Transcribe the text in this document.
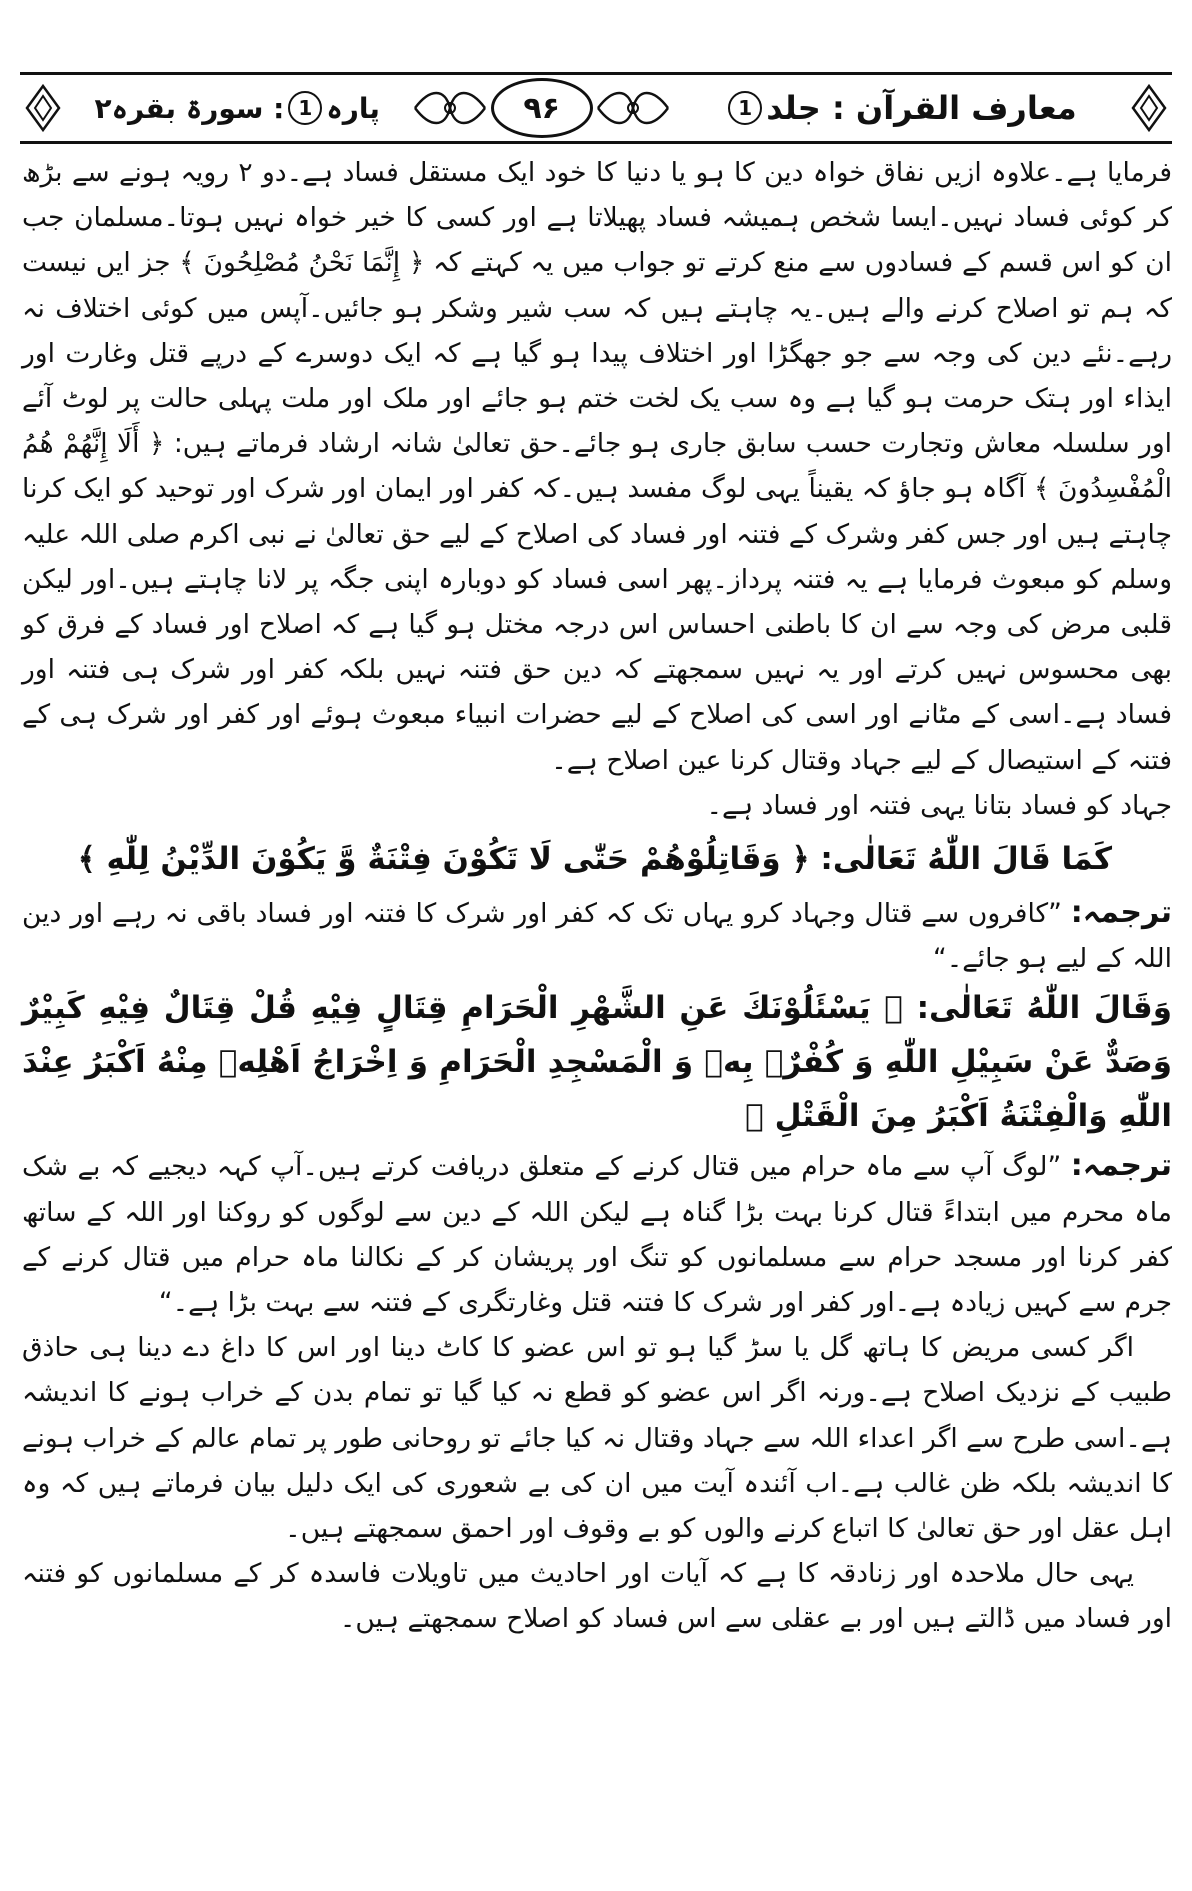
معارف القرآن : جلد
1
۹۶
پارہ
1
: سورۃ بقرہ۲

فرمایا ہے۔علاوہ ازیں نفاق خواہ دین کا ہو یا دنیا کا خود ایک مستقل فساد ہے۔دو ۲ رویہ ہونے سے بڑھ کر کوئی فساد نہیں۔ایسا شخص ہمیشہ فساد پھیلاتا ہے اور کسی کا خیر خواہ نہیں ہوتا۔مسلمان جب ان کو اس قسم کے فسادوں سے منع کرتے تو جواب میں یہ کہتے کہ ﴿ إِنَّمَا نَحْنُ مُصْلِحُونَ ﴾ جز ایں نیست کہ ہم تو اصلاح کرنے والے ہیں۔یہ چاہتے ہیں کہ سب شیر وشکر ہو جائیں۔آپس میں کوئی اختلاف نہ رہے۔نئے دین کی وجہ سے جو جھگڑا اور اختلاف پیدا ہو گیا ہے کہ ایک دوسرے کے درپے قتل وغارت اور ایذاء اور ہتک حرمت ہو گیا ہے وہ سب یک لخت ختم ہو جائے اور ملک اور ملت پہلی حالت پر لوٹ آئے اور سلسلہ معاش وتجارت حسب سابق جاری ہو جائے۔حق تعالیٰ شانہ ارشاد فرماتے ہیں: ﴿ أَلَا إِنَّهُمْ هُمُ الْمُفْسِدُونَ ﴾ آگاہ ہو جاؤ کہ یقیناً یہی لوگ مفسد ہیں۔کہ کفر اور ایمان اور شرک اور توحید کو ایک کرنا چاہتے ہیں اور جس کفر وشرک کے فتنہ اور فساد کی اصلاح کے لیے حق تعالیٰ نے نبی اکرم صلی اللہ علیہ وسلم کو مبعوث فرمایا ہے یہ فتنہ پرداز۔پھر اسی فساد کو دوبارہ اپنی جگہ پر لانا چاہتے ہیں۔اور لیکن قلبی مرض کی وجہ سے ان کا باطنی احساس اس درجہ مختل ہو گیا ہے کہ اصلاح اور فساد کے فرق کو بھی محسوس نہیں کرتے اور یہ نہیں سمجھتے کہ دین حق فتنہ نہیں بلکہ کفر اور شرک ہی فتنہ اور فساد ہے۔اسی کے مٹانے اور اسی کی اصلاح کے لیے حضرات انبیاء مبعوث ہوئے اور کفر اور شرک ہی کے فتنہ کے استیصال کے لیے جہاد وقتال کرنا عین اصلاح ہے۔

جہاد کو فساد بتانا یہی فتنہ اور فساد ہے۔

كَمَا قَالَ اللّٰهُ تَعَالٰى: ﴿ وَقَاتِلُوْهُمْ حَتّٰى لَا تَكُوْنَ فِتْنَةٌ وَّ يَكُوْنَ الدِّيْنُ لِلّٰهِ ﴾

ترجمہ: ”کافروں سے قتال وجہاد کرو یہاں تک کہ کفر اور شرک کا فتنہ اور فساد باقی نہ رہے اور دین اللہ کے لیے ہو جائے۔“

وَقَالَ اللّٰهُ تَعَالٰى: ﴿ يَسْئَلُوْنَكَ عَنِ الشَّهْرِ الْحَرَامِ قِتَالٍ فِيْهِ قُلْ قِتَالٌ فِيْهِ كَبِيْرٌ وَصَدٌّ عَنْ سَبِيْلِ اللّٰهِ وَ كُفْرٌۢ بِهٖ وَ الْمَسْجِدِ الْحَرَامِ وَ اِخْرَاجُ اَهْلِهٖ مِنْهُ اَكْبَرُ عِنْدَ اللّٰهِ وَالْفِتْنَةُ اَكْبَرُ مِنَ الْقَتْلِ ﴾

ترجمہ: ”لوگ آپ سے ماہ حرام میں قتال کرنے کے متعلق دریافت کرتے ہیں۔آپ کہہ دیجیے کہ بے شک ماہ محرم میں ابتداءً قتال کرنا بہت بڑا گناہ ہے لیکن اللہ کے دین سے لوگوں کو روکنا اور اللہ کے ساتھ کفر کرنا اور مسجد حرام سے مسلمانوں کو تنگ اور پریشان کر کے نکالنا ماہ حرام میں قتال کرنے کے جرم سے کہیں زیادہ ہے۔اور کفر اور شرک کا فتنہ قتل وغارتگری کے فتنہ سے بہت بڑا ہے۔“

اگر کسی مریض کا ہاتھ گل یا سڑ گیا ہو تو اس عضو کا کاٹ دینا اور اس کا داغ دے دینا ہی حاذق طبیب کے نزدیک اصلاح ہے۔ورنہ اگر اس عضو کو قطع نہ کیا گیا تو تمام بدن کے خراب ہونے کا اندیشہ ہے۔اسی طرح سے اگر اعداء اللہ سے جہاد وقتال نہ کیا جائے تو روحانی طور پر تمام عالم کے خراب ہونے کا اندیشہ بلکہ ظن غالب ہے۔اب آئندہ آیت میں ان کی بے شعوری کی ایک دلیل بیان فرماتے ہیں کہ وہ اہل عقل اور حق تعالیٰ کا اتباع کرنے والوں کو بے وقوف اور احمق سمجھتے ہیں۔

یہی حال ملاحدہ اور زنادقہ کا ہے کہ آیات اور احادیث میں تاویلات فاسدہ کر کے مسلمانوں کو فتنہ اور فساد میں ڈالتے ہیں اور بے عقلی سے اس فساد کو اصلاح سمجھتے ہیں۔
